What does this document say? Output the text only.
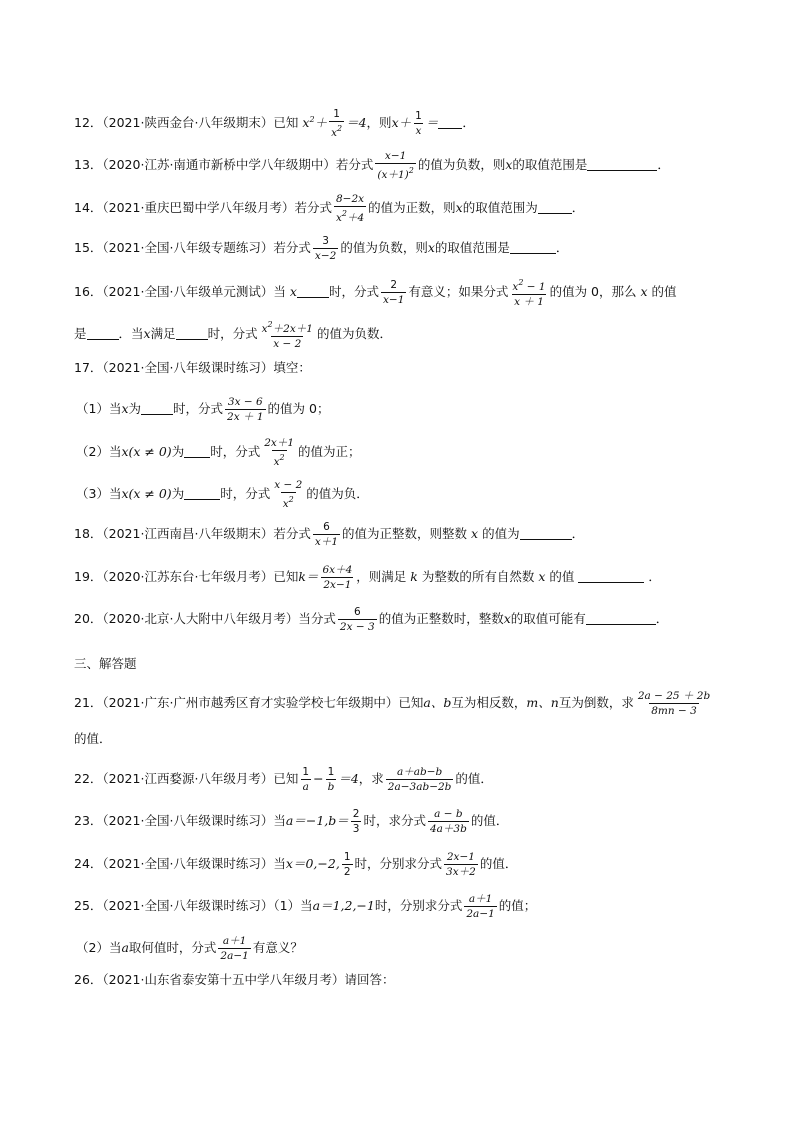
12．（2021·陕西金台·八年级期末）已知 $x^2+ \frac{1}{x^2} =4$，则$x+ \frac{1}{x}$ ＝ ．
13．（2020·江苏·南通市新桥中学八年级期中）若分式 $\frac{x-1}{(x+1)^2}$ 的值为负数，则x的取值范围是	．
14．（2021·重庆巴蜀中学八年级月考）若分式 $\frac{8-2x}{x^2+4}$ 的值为正数，则x的取值范围为	．
15．（2021·全国·八年级专题练习）若分式 $\frac{3}{x-2}$ 的值为负数，则x的取值范围是	．
16．（2021·全国·八年级单元测试）当 x	时，分式 $\frac{2}{x-1}$ 有意义；如果分式 $\frac{x^2 - 1}{x + 1}$ 的值为 0，那么 x 的值
是	．当x满足	时，分式 $\frac{x^2+2x+1}{x - 2}$ 的值为负数．
17．（2021·全国·八年级课时练习）填空：
（1）当x为	时，分式 $\frac{3x - 6}{2x + 1}$ 的值为 0；
（2）当x(x ≠ 0)为 时，分式 $\frac{2x+1}{x^2}$ 的值为正；
（3）当x(x ≠ 0)为	时，分式 $\frac{x - 2}{x^2}$ 的值为负．
18．（2021·江西南昌·八年级期末）若分式 $\frac{6}{x+1}$ 的值为正整数，则整数 x 的值为	．
19．（2020·江苏东台·七年级月考）已知$k= \frac{6x+4}{2x-1}$ ，则满足 k 为整数的所有自然数 x 的值	．
20．（2020·北京·人大附中八年级月考）当分式 $\frac{6}{2x - 3}$ 的值为正整数时，整数x的取值可能有	．
三、解答题
21．（2021·广东·广州市越秀区育才实验学校七年级期中）已知a、b互为相反数，m、n互为倒数，求 $\frac{2a - 25 + 2b}{8mn - 3}$
的值．
22．（2021·江西婺源·八年级月考）已知 $\frac{1}{a} - \frac{1}{b} =4$，求 $\frac{a+ab-b}{2a-3ab-2b}$ 的值．
23．（2021·全国·八年级课时练习）当$a=-1,b= \frac{2}{3}$ 时，求分式 $\frac{a - b}{4a+3b}$ 的值．
24．（2021·全国·八年级课时练习）当x＝0,−2, $\frac{1}{2}$ 时，分别求分式 $\frac{2x-1}{3x+2}$ 的值．
25．（2021·全国·八年级课时练习）（1）当a＝1,2,−1时，分别求分式 $\frac{a+1}{2a-1}$ 的值；
（2）当a取何值时，分式 $\frac{a+1}{2a-1}$ 有意义？
26．（2021·山东省泰安第十五中学八年级月考）请回答：
